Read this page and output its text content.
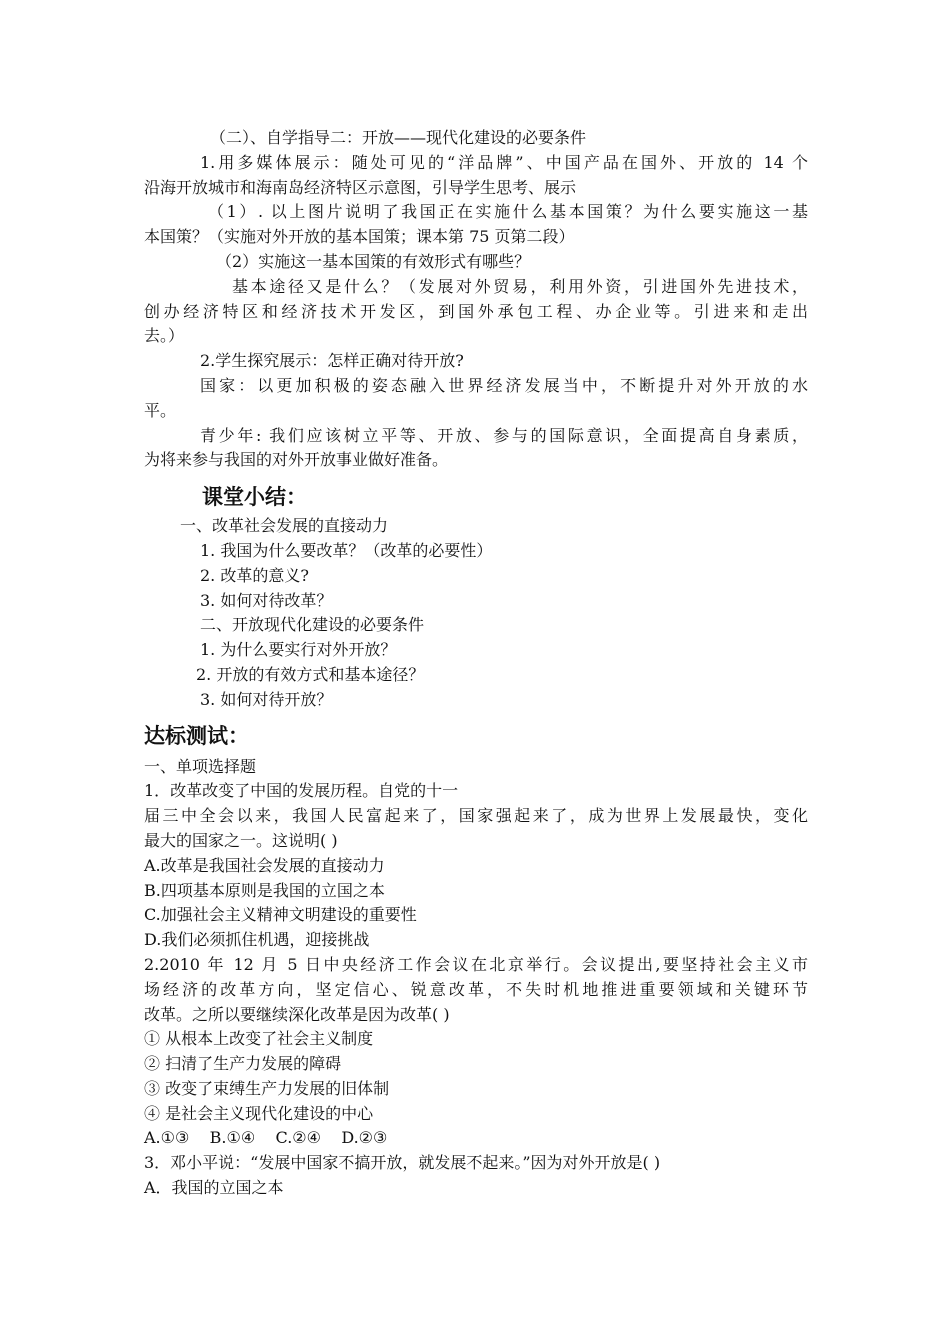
（二）、自学指导二：开放——现代化建设的必要条件
1.用多媒体展示：随处可见的“洋品牌”、中国产品在国外、开放的 14 个
沿海开放城市和海南岛经济特区示意图，引导学生思考、展示
（1）. 以上图片说明了我国正在实施什么基本国策？为什么要实施这一基
本国策？（实施对外开放的基本国策；课本第 75 页第二段）
（2）实施这一基本国策的有效形式有哪些？
基本途径又是什么？（发展对外贸易，利用外资，引进国外先进技术，
创办经济特区和经济技术开发区，到国外承包工程、办企业等。引进来和走出
去。）
2.学生探究展示：怎样正确对待开放?
国家：以更加积极的姿态融入世界经济发展当中，不断提升对外开放的水
平。
青少年: 我们应该树立平等、开放、参与的国际意识，全面提高自身素质，
为将来参与我国的对外开放事业做好准备。
课堂小结：
一、改革社会发展的直接动力
1. 我国为什么要改革？（改革的必要性）
2. 改革的意义?
3. 如何对待改革？
二、开放现代化建设的必要条件
1. 为什么要实行对外开放？
2. 开放的有效方式和基本途径？
3. 如何对待开放？
达标测试：
一、单项选择题
1．改革改变了中国的发展历程。自党的十一
届三中全会以来，我国人民富起来了，国家强起来了，成为世界上发展最快，变化
最大的国家之一。这说明( )
A.改革是我国社会发展的直接动力
B.四项基本原则是我国的立国之本
C.加强社会主义精神文明建设的重要性
D.我们必须抓住机遇，迎接挑战
2.2010 年 12 月 5 日中央经济工作会议在北京举行。会议提出,要坚持社会主义市
场经济的改革方向，坚定信心、锐意改革，不失时机地推进重要领域和关键环节
改革。之所以要继续深化改革是因为改革( )
① 从根本上改变了社会主义制度
② 扫清了生产力发展的障碍
③ 改变了束缚生产力发展的旧体制
④ 是社会主义现代化建设的中心
A.①③    B.①④    C.②④    D.②③
3．邓小平说：“发展中国家不搞开放，就发展不起来。”因为对外开放是( )
A．我国的立国之本
